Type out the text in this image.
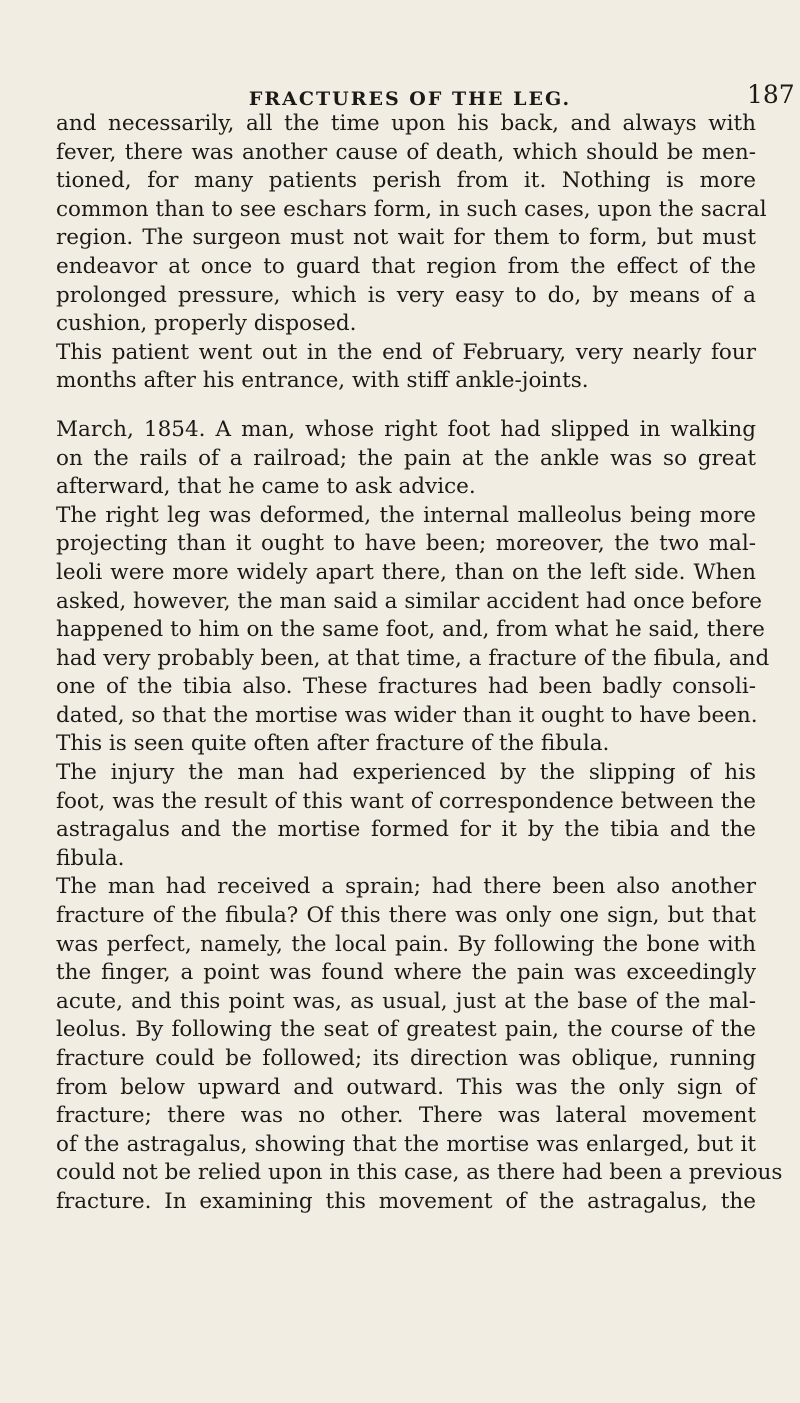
FRACTURES OF THE LEG.	187
and necessarily, all the time upon his back, and always with
fever, there was another cause of death, which should be men-
tioned, for many patients perish from it. Nothing is more
common than to see eschars form, in such cases, upon the sacral
region. The surgeon must not wait for them to form, but must
endeavor at once to guard that region from the effect of the
prolonged pressure, which is very easy to do, by means of a
cushion, properly disposed.
This patient went out in the end of February, very nearly four
months after his entrance, with stiff ankle-joints.
March, 1854. A man, whose right foot had slipped in walking
on the rails of a railroad; the pain at the ankle was so great
afterward, that he came to ask advice.
The right leg was deformed, the internal malleolus being more
projecting than it ought to have been; moreover, the two mal-
leoli were more widely apart there, than on the left side. When
asked, however, the man said a similar accident had once before
happened to him on the same foot, and, from what he said, there
had very probably been, at that time, a fracture of the fibula, and
one of the tibia also. These fractures had been badly consoli-
dated, so that the mortise was wider than it ought to have been.
This is seen quite often after fracture of the fibula.
The injury the man had experienced by the slipping of his
foot, was the result of this want of correspondence between the
astragalus and the mortise formed for it by the tibia and the
fibula.
The man had received a sprain; had there been also another
fracture of the fibula? Of this there was only one sign, but that
was perfect, namely, the local pain. By following the bone with
the finger, a point was found where the pain was exceedingly
acute, and this point was, as usual, just at the base of the mal-
leolus. By following the seat of greatest pain, the course of the
fracture could be followed; its direction was oblique, running
from below upward and outward. This was the only sign of
fracture; there was no other. There was lateral movement
of the astragalus, showing that the mortise was enlarged, but it
could not be relied upon in this case, as there had been a previous
fracture. In examining this movement of the astragalus, the
